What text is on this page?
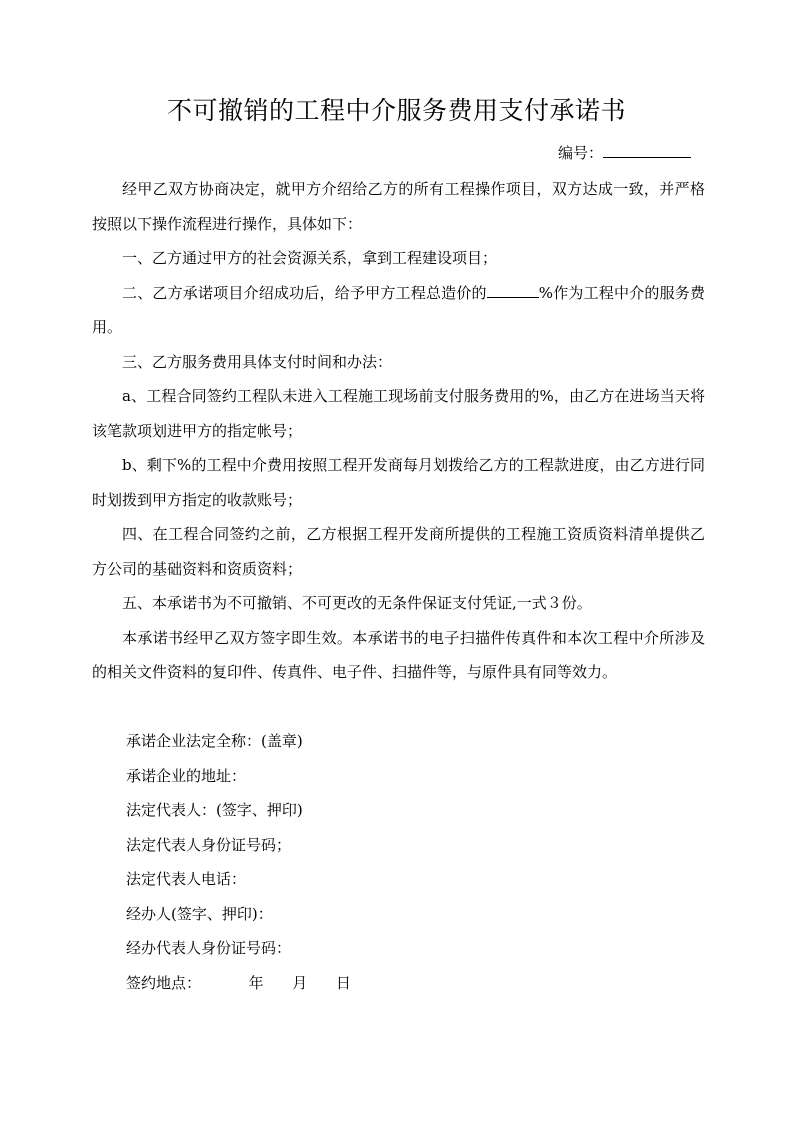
不可撤销的工程中介服务费用支付承诺书
编号：

经甲乙双方协商决定，就甲方介绍给乙方的所有工程操作项目，双方达成一致，并严格按照以下操作流程进行操作，具体如下：

一、乙方通过甲方的社会资源关系，拿到工程建设项目；

二、乙方承诺项目介绍成功后，给予甲方工程总造价的	%作为工程中介的服务费用。

三、乙方服务费用具体支付时间和办法：

a、工程合同签约工程队未进入工程施工现场前支付服务费用的%，由乙方在进场当天将该笔款项划进甲方的指定帐号；

b、剩下%的工程中介费用按照工程开发商每月划拨给乙方的工程款进度，由乙方进行同时划拨到甲方指定的收款账号；

四、在工程合同签约之前，乙方根据工程开发商所提供的工程施工资质资料清单提供乙方公司的基础资料和资质资料；

五、本承诺书为不可撤销、不可更改的无条件保证支付凭证,一式３份。

本承诺书经甲乙双方签字即生效。本承诺书的电子扫描件传真件和本次工程中介所涉及的相关文件资料的复印件、传真件、电子件、扫描件等，与原件具有同等效力。

承诺企业法定全称：(盖章)

承诺企业的地址：

法定代表人：(签字、押印)

法定代表人身份证号码；

法定代表人电话：

经办人(签字、押印)：

经办代表人身份证号码：

签约地点：          年      月      日
